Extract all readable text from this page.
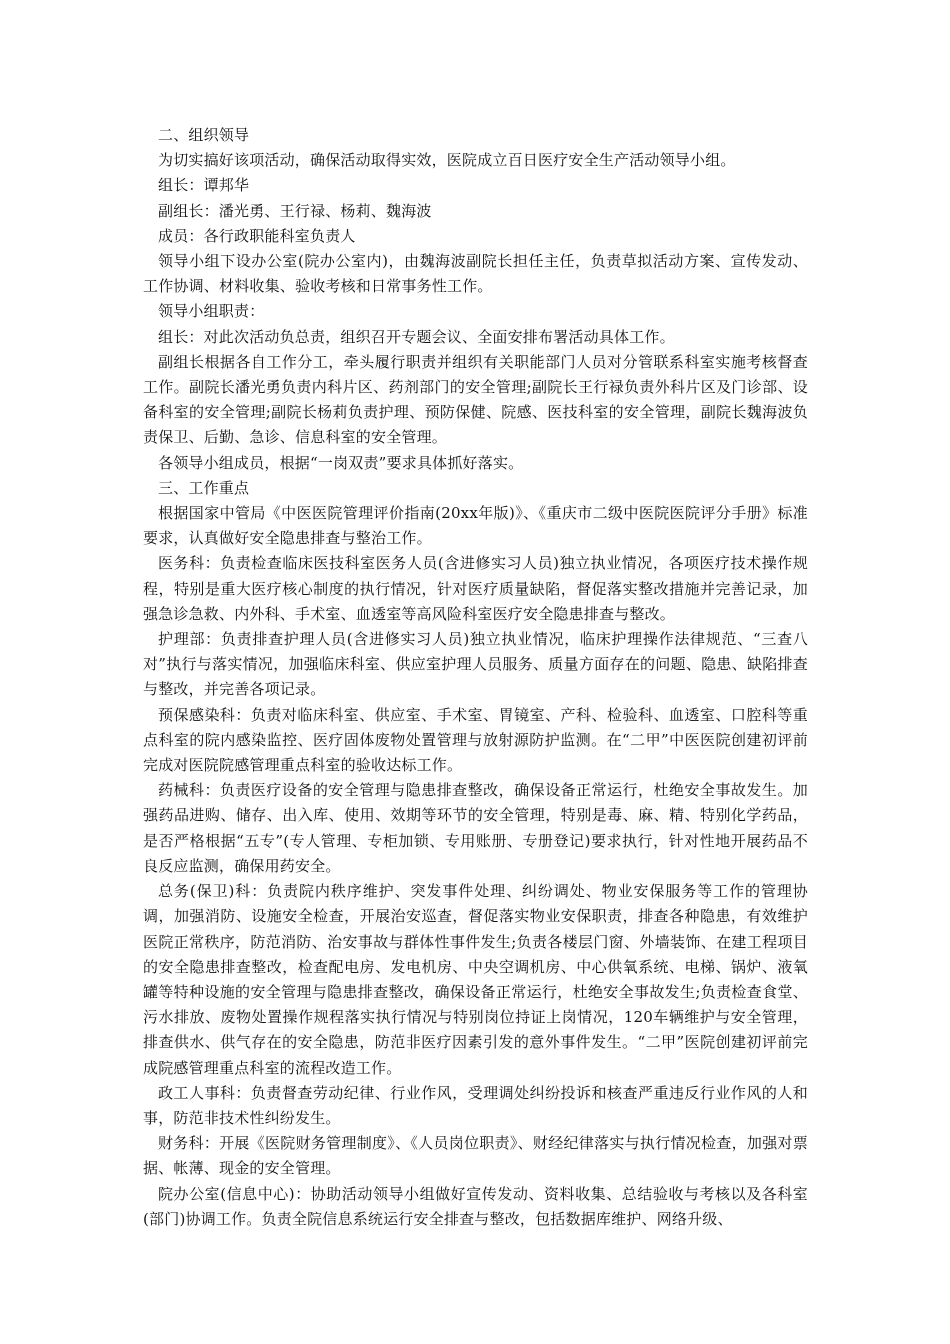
二、组织领导

为切实搞好该项活动，确保活动取得实效，医院成立百日医疗安全生产活动领导小组。

组长：谭邦华

副组长：潘光勇、王行禄、杨莉、魏海波

成员：各行政职能科室负责人

领导小组下设办公室(院办公室内)，由魏海波副院长担任主任，负责草拟活动方案、宣传发动、工作协调、材料收集、验收考核和日常事务性工作。

领导小组职责：

组长：对此次活动负总责，组织召开专题会议、全面安排布署活动具体工作。

副组长根据各自工作分工，牵头履行职责并组织有关职能部门人员对分管联系科室实施考核督查工作。副院长潘光勇负责内科片区、药剂部门的安全管理;副院长王行禄负责外科片区及门诊部、设备科室的安全管理;副院长杨莉负责护理、预防保健、院感、医技科室的安全管理，副院长魏海波负责保卫、后勤、急诊、信息科室的安全管理。

各领导小组成员，根据“一岗双责”要求具体抓好落实。

三、工作重点

根据国家中管局《中医医院管理评价指南(20xx年版)》、《重庆市二级中医院医院评分手册》标准要求，认真做好安全隐患排查与整治工作。

医务科：负责检查临床医技科室医务人员(含进修实习人员)独立执业情况，各项医疗技术操作规程，特别是重大医疗核心制度的执行情况，针对医疗质量缺陷，督促落实整改措施并完善记录，加强急诊急救、内外科、手术室、血透室等高风险科室医疗安全隐患排查与整改。

护理部：负责排查护理人员(含进修实习人员)独立执业情况，临床护理操作法律规范、“三查八对”执行与落实情况，加强临床科室、供应室护理人员服务、质量方面存在的问题、隐患、缺陷排查与整改，并完善各项记录。

预保感染科：负责对临床科室、供应室、手术室、胃镜室、产科、检验科、血透室、口腔科等重点科室的院内感染监控、医疗固体废物处置管理与放射源防护监测。在“二甲”中医医院创建初评前完成对医院院感管理重点科室的验收达标工作。

药械科：负责医疗设备的安全管理与隐患排查整改，确保设备正常运行，杜绝安全事故发生。加强药品进购、储存、出入库、使用、效期等环节的安全管理，特别是毒、麻、精、特别化学药品，是否严格根据“五专”(专人管理、专柜加锁、专用账册、专册登记)要求执行，针对性地开展药品不良反应监测，确保用药安全。

总务(保卫)科：负责院内秩序维护、突发事件处理、纠纷调处、物业安保服务等工作的管理协调，加强消防、设施安全检查，开展治安巡查，督促落实物业安保职责，排查各种隐患，有效维护医院正常秩序，防范消防、治安事故与群体性事件发生;负责各楼层门窗、外墙装饰、在建工程项目的安全隐患排查整改，检查配电房、发电机房、中央空调机房、中心供氧系统、电梯、锅炉、液氧罐等特种设施的安全管理与隐患排查整改，确保设备正常运行，杜绝安全事故发生;负责检查食堂、污水排放、废物处置操作规程落实执行情况与特别岗位持证上岗情况，120车辆维护与安全管理，排查供水、供气存在的安全隐患，防范非医疗因素引发的意外事件发生。“二甲”医院创建初评前完成院感管理重点科室的流程改造工作。

政工人事科：负责督查劳动纪律、行业作风，受理调处纠纷投诉和核查严重违反行业作风的人和事，防范非技术性纠纷发生。

财务科：开展《医院财务管理制度》、《人员岗位职责》、财经纪律落实与执行情况检查，加强对票据、帐薄、现金的安全管理。

院办公室(信息中心)：协助活动领导小组做好宣传发动、资料收集、总结验收与考核以及各科室(部门)协调工作。负责全院信息系统运行安全排查与整改，包括数据库维护、网络升级、
